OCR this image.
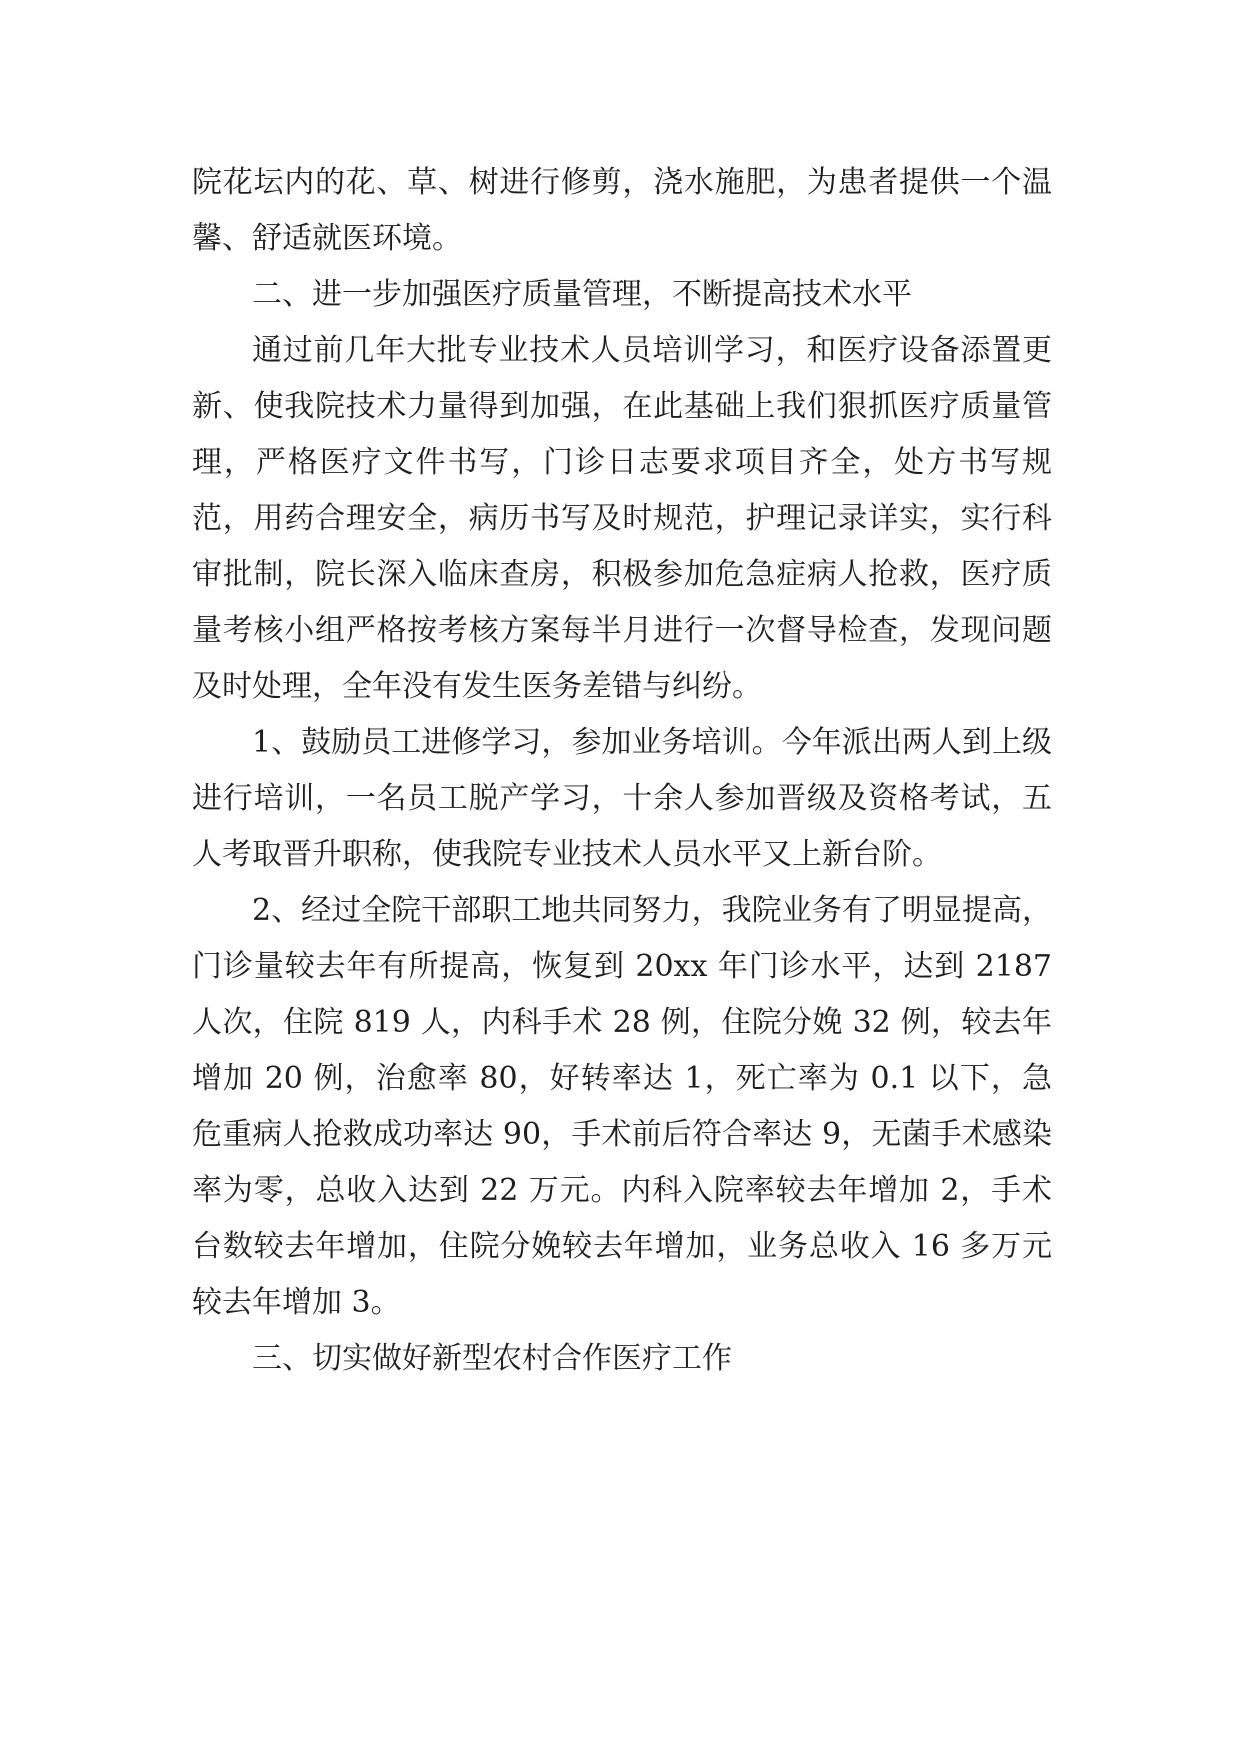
院花坛内的花、草、树进行修剪，浇水施肥，为患者提供一个温馨、舒适就医环境。

二、进一步加强医疗质量管理，不断提高技术水平

通过前几年大批专业技术人员培训学习，和医疗设备添置更新、使我院技术力量得到加强，在此基础上我们狠抓医疗质量管理，严格医疗文件书写，门诊日志要求项目齐全，处方书写规范，用药合理安全，病历书写及时规范，护理记录详实，实行科审批制，院长深入临床查房，积极参加危急症病人抢救，医疗质量考核小组严格按考核方案每半月进行一次督导检查，发现问题及时处理，全年没有发生医务差错与纠纷。

1、鼓励员工进修学习，参加业务培训。今年派出两人到上级进行培训，一名员工脱产学习，十余人参加晋级及资格考试，五人考取晋升职称，使我院专业技术人员水平又上新台阶。

2、经过全院干部职工地共同努力，我院业务有了明显提高，门诊量较去年有所提高，恢复到 20xx 年门诊水平，达到 2187 人次，住院 819 人，内科手术 28 例，住院分娩 32 例，较去年增加 20 例，治愈率 80，好转率达 1，死亡率为 0.1 以下，急危重病人抢救成功率达 90，手术前后符合率达 9，无菌手术感染率为零，总收入达到 22 万元。内科入院率较去年增加 2，手术台数较去年增加，住院分娩较去年增加，业务总收入 16 多万元较去年增加 3。

三、切实做好新型农村合作医疗工作
